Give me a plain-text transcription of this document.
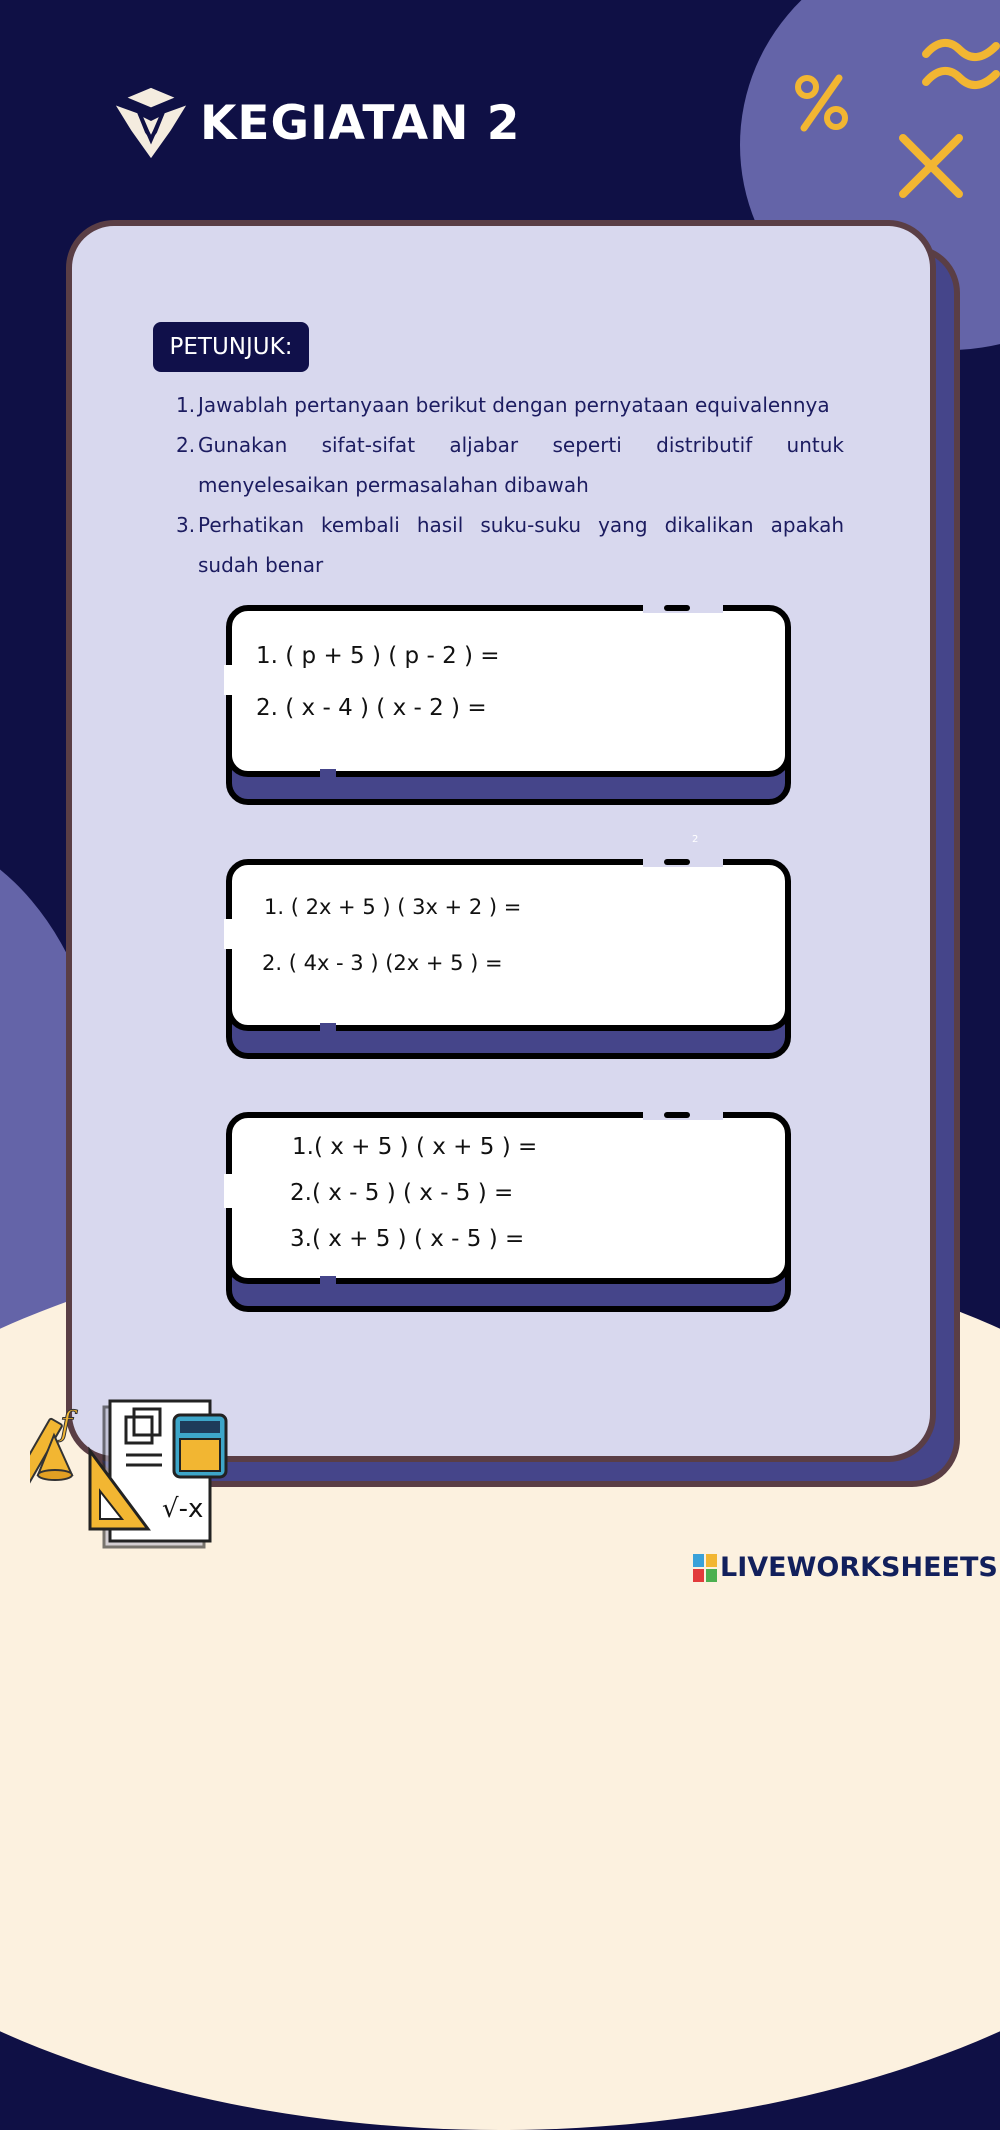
KEGIATAN 2
PETUNJUK:
1. Jawablah pertanyaan berikut dengan pernyataan equivalennya
2. Gunakan sifat-sifat aljabar seperti distributif untuk menyelesaikan permasalahan dibawah
3. Perhatikan kembali hasil suku-suku yang dikalikan apakah sudah benar
1. ( p + 5 ) ( p - 2 ) =
2. ( x - 4 ) ( x - 2 ) =
2
1. ( 2x + 5 ) ( 3x + 2 ) =
2. ( 4x - 3 ) (2x + 5 ) =
1.( x + 5 ) ( x + 5 ) =
2.( x - 5 ) ( x - 5 ) =
3.( x + 5 ) ( x - 5 ) =
f
√-x
LIVEWORKSHEETS
